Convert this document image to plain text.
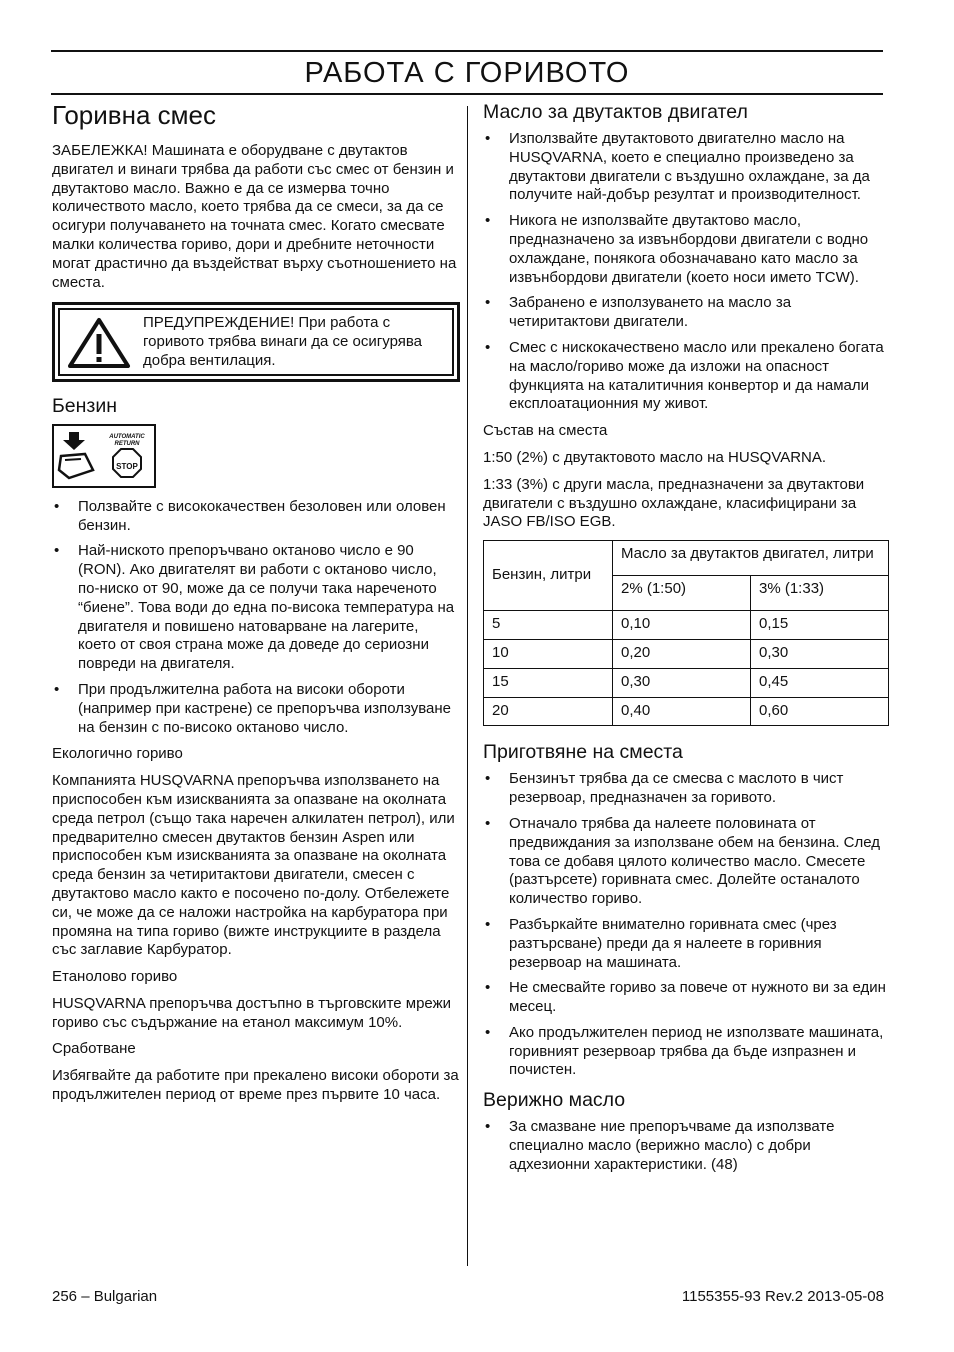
РАБОТА С ГОРИВОТО
Горивна смес

ЗАБЕЛЕЖКА! Машината е оборудване с двутактов двигател и винаги трябва да работи със смес от бензин и двутактово масло. Важно е да се измерва точно количеството масло, което трябва да се смеси, за да се осигури получаването на точната смес. Когато смесвате малки количества гориво, дори и дребните неточности могат драстично да въздействат върху съотношението на сместа.

ПРЕДУПРЕЖДЕНИЕ! При работа с горивото трябва винаги да се осигурява добра вентилация.
Бензин
AUTOMATIC RETURN
STOP
• Ползвайте с висококачествен безоловен или оловен бензин.
• Най-ниското препоръчвано октаново число е 90 (RON). Ако двигателят ви работи с октаново число, по-ниско от 90, може да се получи така нареченото “биене”. Това води до една по-висока температура на двигателя и повишено натоварване на лагерите, което от своя страна може да доведе до сериозни повреди на двигателя.
• При продължителна работа на високи обороти (например при кастрене) се препоръчва използуване на бензин с по-високо октаново число.

Екологично гориво

Компанията HUSQVARNA препоръчва използването на приспособен към изискванията за опазване на околната среда петрол (също така наречен алкилатен петрол), или предварително смесен двутактов бензин Aspen или приспособен към изискванията за опазване на околната среда бензин за четиритактови двигатели, смесен с двутактово масло както е посочено по-долу. Отбележете си, че може да се наложи настройка на карбуратора при промяна на типа гориво (вижте инструкциите в раздела със заглавие Карбуратор.

Етанолово гориво

HUSQVARNA препоръчва достъпно в търговските мрежи гориво със съдържание на етанол максимум 10%.

Сработване

Избягвайте да работите при прекалено високи обороти за продължителен период от време през първите 10 часа.

Масло за двутактов двигател
• Използвайте двутактовото двигателно масло на HUSQVARNA, което е специално произведено за двутактови двигатели с въздушно охлаждане, за да получите най-добър резултат и производителност.
• Никога не използвайте двутактово масло, предназначено за извънбордови двигатели с водно охлаждане, понякога обозначавано като масло за извънбордови двигатели (което носи името TCW).
• Забранено е използуването на масло за четиритактови двигатели.
• Смес с нискокачествено масло или прекалено богата на масло/гориво може да изложи на опасност функцията на каталитичния конвертор и да намали експлоатационния му живот.

Състав на сместа

1:50 (2%) с двутактовото масло на HUSQVARNA.

1:33 (3%) с други масла, предназначени за двутактови двигатели с въздушно охлаждане, класифицирани за JASO FB/ISO EGB.

Бензин, литри	Масло за двутактов двигател, литри	
	2% (1:50)	3% (1:33)
5	0,10	0,15
10	0,20	0,30
15	0,30	0,45
20	0,40	0,60
Приготвяне на сместа
• Бензинът трябва да се смесва с маслото в чист резервоар, предназначен за горивото.
• Отначало трябва да налеете половината от предвиждания за използване обем на бензина. След това се добавя цялото количество масло. Смесете (разтърсете) горивната смес. Долейте останалото количество гориво.
• Разбъркайте внимателно горивната смес (чрез разтърсване) преди да я налеете в горивния резервоар на машината.
• Не смесвайте гориво за повече от нужното ви за един месец.
• Ако продължителен период не използвате машината, горивният резервоар трябва да бъде изпразнен и почистен.
Верижно масло
• За смазване ние препоръчваме да използвате специално масло (верижно масло) с добри адхезионни характеристики. (48)
256 – Bulgarian	1155355-93 Rev.2 2013-05-08
